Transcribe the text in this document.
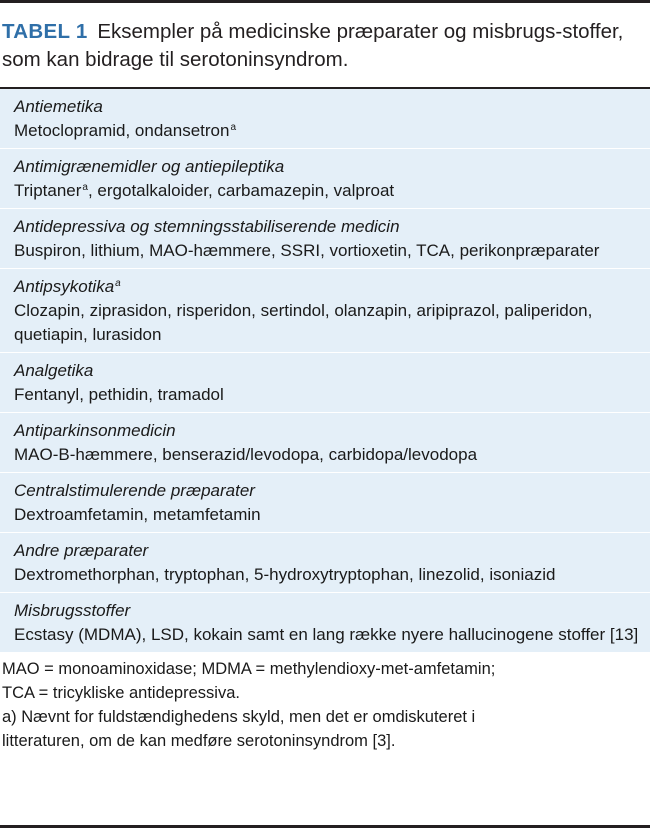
TABEL 1 Eksempler på medicinske præparater og misbrugs-stoffer, som kan bidrage til serotoninsyndrom.
Antiemetika
Metoclopramid, ondansetron$^a$
Antimigrænemidler og antiepileptika
Triptaner$^a$, ergotalkaloider, carbamazepin, valproat
Antidepressiva og stemningsstabiliserende medicin
Buspiron, lithium, MAO-hæmmere, SSRI, vortioxetin, TCA, perikonpræparater
Antipsykotika$^a$
Clozapin, ziprasidon, risperidon, sertindol, olanzapin, aripiprazol, paliperidon, quetiapin, lurasidon
Analgetika
Fentanyl, pethidin, tramadol
Antiparkinsonmedicin
MAO-B-hæmmere, benserazid/levodopa, carbidopa/levodopa
Centralstimulerende præparater
Dextroamfetamin, metamfetamin
Andre præparater
Dextromethorphan, tryptophan, 5-hydroxytryptophan, linezolid, isoniazid
Misbrugsstoffer
Ecstasy (MDMA), LSD, kokain samt en lang række nyere hallucinogene stoffer [13]
MAO = monoaminoxidase; MDMA = methylendioxy-met-amfetamin;
TCA = tricykliske antidepressiva.
a) Nævnt for fuldstændighedens skyld, men det er omdiskuteret i
litteraturen, om de kan medføre serotoninsyndrom [3].
